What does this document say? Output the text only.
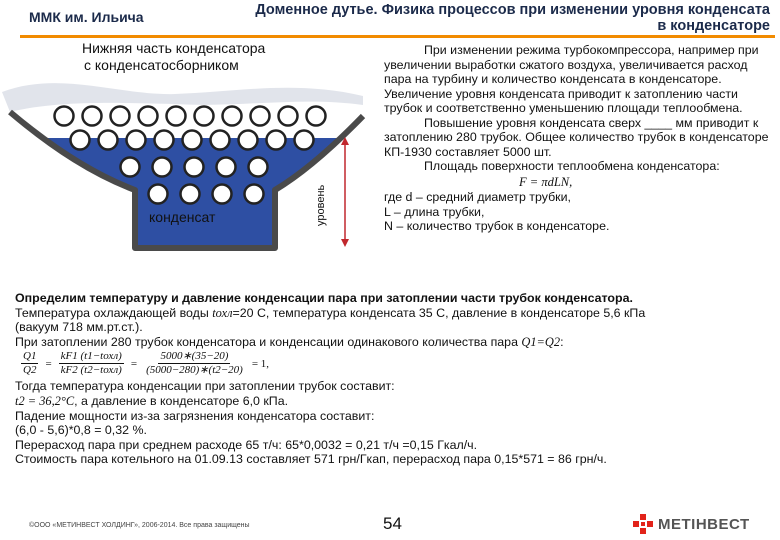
ММК им. Ильича	Доменное дутье. Физика процессов при изменении уровня конденсата
в конденсаторе
Нижняя часть конденсатора
с конденсатосборником
уровень
конденсат

При изменении режима турбокомпрессора, например при увеличении выработки сжатого воздуха, увеличивается расход пара на турбину и количество конденсата в конденсаторе. Увеличение уровня конденсата приводит к затоплению части трубок и соответственно уменьшению площади теплообмена.

Повышение уровня конденсата сверх ____ мм приводит к затоплению 280 трубок. Общее количество трубок в конденсаторе КП-1930 составляет 5000 шт.

Площадь поверхности теплообмена конденсатора:

F = πdLN,

где d – средний диаметр трубки,

L – длина трубки,

N – количество трубок в конденсаторе.

Определим температуру и давление конденсации пара при затоплении части трубок конденсатора.

Температура охлаждающей воды tохл=20 С, температура конденсата 35 С, давление в конденсаторе 5,6 кПа

(вакуум 718 мм.рт.ст.).

При затоплении 280 трубок конденсатора и конденсации одинакового количества пара Q1=Q2:

$\frac{Q1}{Q2} = \frac{\text{kF1 (t1−tохл)}}{\text{kF2 (t2−tохл)}} = \frac{5000∗(35-20)}{(5000-280)∗(t2-20)} = 1$,

Тогда температура конденсации при затоплении трубок составит:

t2 = 36,2°C, а давление в конденсаторе 6,0 кПа.

Падение мощности из-за загрязнения конденсатора составит:

(6,0 - 5,6)*0,8 = 0,32 %.

Перерасход пара при среднем расходе 65 т/ч: 65*0,0032 = 0,21 т/ч =0,15 Гкал/ч.

Стоимость пара котельного на 01.09.13 составляет 571 грн/Гкап, перерасход пара 0,15*571 = 86 грн/ч.

©ООО «МЕТИНВЕСТ ХОЛДИНГ», 2006-2014. Все права защищены	54	МЕТІНВЕСТ
